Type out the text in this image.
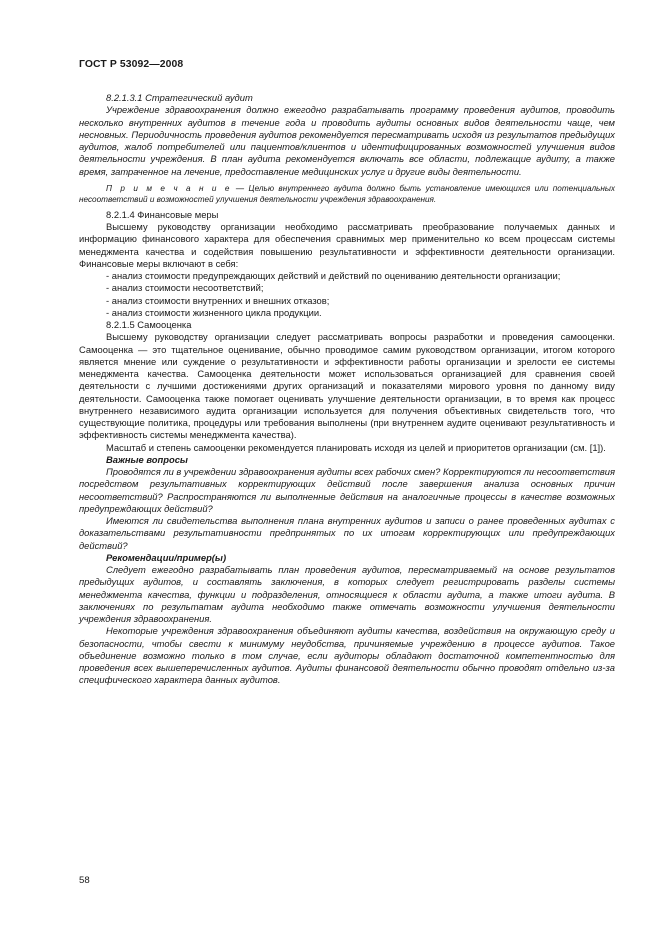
ГОСТ Р 53092—2008

8.2.1.3.1 Стратегический аудит

Учреждение здравоохранения должно ежегодно разрабатывать программу проведения аудитов, проводить несколько внутренних аудитов в течение года и проводить аудиты основных видов деятельности чаще, чем несновных. Периодичность проведения аудитов рекомендуется пересматривать исходя из результатов предыдущих аудитов, жалоб потребителей или пациентов/клиентов и идентифицированных возможностей улучшения видов деятельности учреждения. В план аудита рекомендуется включать все области, подлежащие аудиту, а также время, затраченное на лечение, предоставление медицинских услуг и другие виды деятельности.

П р и м е ч а н и е — Целью внутреннего аудита должно быть установление имеющихся или потенциальных несоответствий и возможностей улучшения деятельности учреждения здравоохранения.

8.2.1.4 Финансовые меры

Высшему руководству организации необходимо рассматривать преобразование получаемых данных и информацию финансового характера для обеспечения сравнимых мер применительно ко всем процессам системы менеджмента качества и содействия повышению результативности и эффективности деятельности организации. Финансовые меры включают в себя:

- анализ стоимости предупреждающих действий и действий по оцениванию деятельности организации;

- анализ стоимости несоответствий;

- анализ стоимости внутренних и внешних отказов;

- анализ стоимости жизненного цикла продукции.

8.2.1.5 Самооценка

Высшему руководству организации следует рассматривать вопросы разработки и проведения самооценки. Самооценка — это тщательное оценивание, обычно проводимое самим руководством организации, итогом которого является мнение или суждение о результативности и эффективности работы организации и зрелости ее системы менеджмента качества. Самооценка деятельности может использоваться организацией для сравнения своей деятельности с лучшими достижениями других организаций и показателями мирового уровня по данному виду деятельности. Самооценка также помогает оценивать улучшение деятельности организации, в то время как процесс внутреннего независимого аудита организации используется для получения объективных свидетельств того, что существующие политика, процедуры или требования выполнены (при внутреннем аудите оценивают результативность и эффективность системы менеджмента качества).

Масштаб и степень самооценки рекомендуется планировать исходя из целей и приоритетов организации (см. [1]).

Важные вопросы

Проводятся ли в учреждении здравоохранения аудиты всех рабочих смен? Корректируются ли несоответствия посредством результативных корректирующих действий после завершения анализа основных причин несоответствий? Распространяются ли выполненные действия на аналогичные процессы в качестве возможных предупреждающих действий?

Имеются ли свидетельства выполнения плана внутренних аудитов и записи о ранее проведенных аудитах с доказательствами результативности предпринятых по их итогам корректирующих или предупреждающих действий?

Рекомендации/пример(ы)

Следует ежегодно разрабатывать план проведения аудитов, пересматриваемый на основе результатов предыдущих аудитов, и составлять заключения, в которых следует регистрировать разделы системы менеджмента качества, функции и подразделения, относящиеся к области аудита, а также итоги аудита. В заключениях по результатам аудита необходимо также отмечать возможности улучшения деятельности учреждения здравоохранения.

Некоторые учреждения здравоохранения объединяют аудиты качества, воздействия на окружающую среду и безопасности, чтобы свести к минимуму неудобства, причиняемые учреждению в процессе аудитов. Такое объединение возможно только в том случае, если аудиторы обладают достаточной компетентностью для проведения всех вышеперечисленных аудитов. Аудиты финансовой деятельности обычно проводят отдельно из-за специфического характера данных аудитов.

58
